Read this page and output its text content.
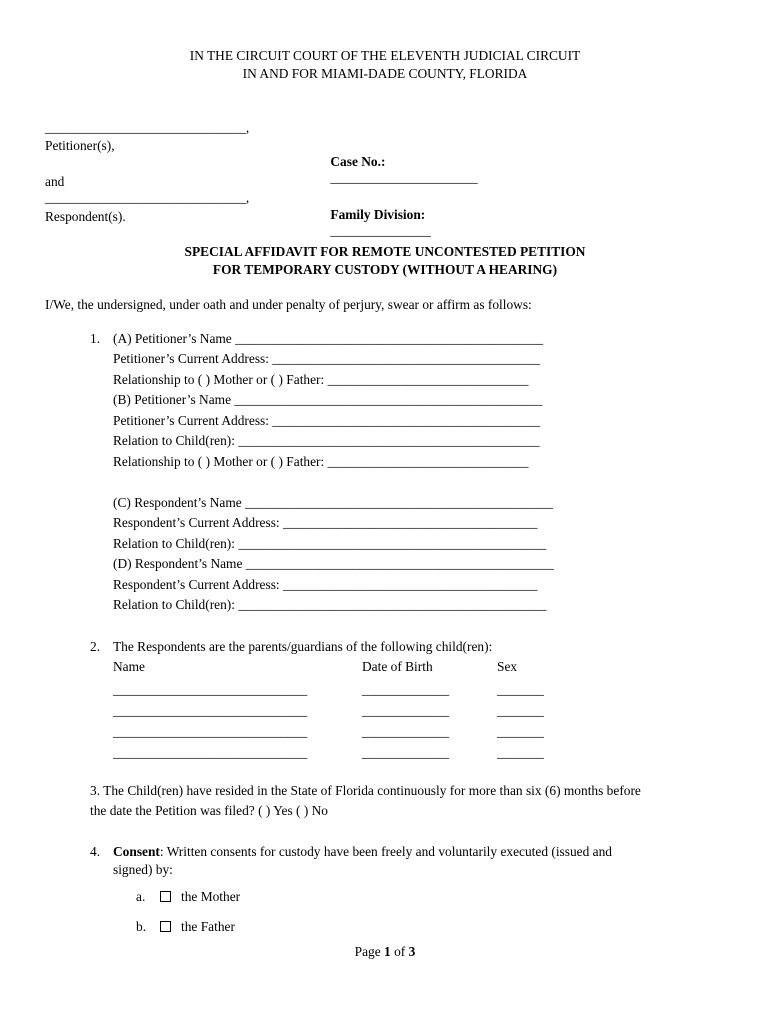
IN THE CIRCUIT COURT OF THE ELEVENTH JUDICIAL CIRCUIT
IN AND FOR MIAMI-DADE COUNTY, FLORIDA
______________________________,
Petitioner(s),

Case No.:
______________________

and
______________________________,

Family Division:
_______________

Respondent(s).
SPECIAL AFFIDAVIT FOR REMOTE UNCONTESTED PETITION
FOR TEMPORARY CUSTODY (WITHOUT A HEARING)
I/We, the undersigned, under oath and under penalty of perjury, swear or affirm as follows:
1. (A) Petitioner’s Name ______________________________________________
Petitioner’s Current Address: ________________________________________
Relationship to ( ) Mother or ( ) Father: ______________________________
(B) Petitioner’s Name ______________________________________________
Petitioner’s Current Address: ________________________________________
Relation to Child(ren): _____________________________________________
Relationship to ( ) Mother or ( ) Father: ______________________________
(C) Respondent’s Name ______________________________________________
Respondent’s Current Address: ______________________________________
Relation to Child(ren): ______________________________________________
(D) Respondent’s Name ______________________________________________
Respondent’s Current Address: ______________________________________
Relation to Child(ren): ______________________________________________
2. The Respondents are the parents/guardians of the following child(ren):
Name	Date of Birth	Sex
_____________________________	_____________	_______
_____________________________	_____________	_______
_____________________________	_____________	_______
_____________________________	_____________	_______
3. The Child(ren) have resided in the State of Florida continuously for more than six (6) months before
the date the Petition was filed? ( ) Yes ( ) No
4. Consent: Written consents for custody have been freely and voluntarily executed (issued and
signed) by:
a.	the Mother
b.	the Father
Page 1 of 3
